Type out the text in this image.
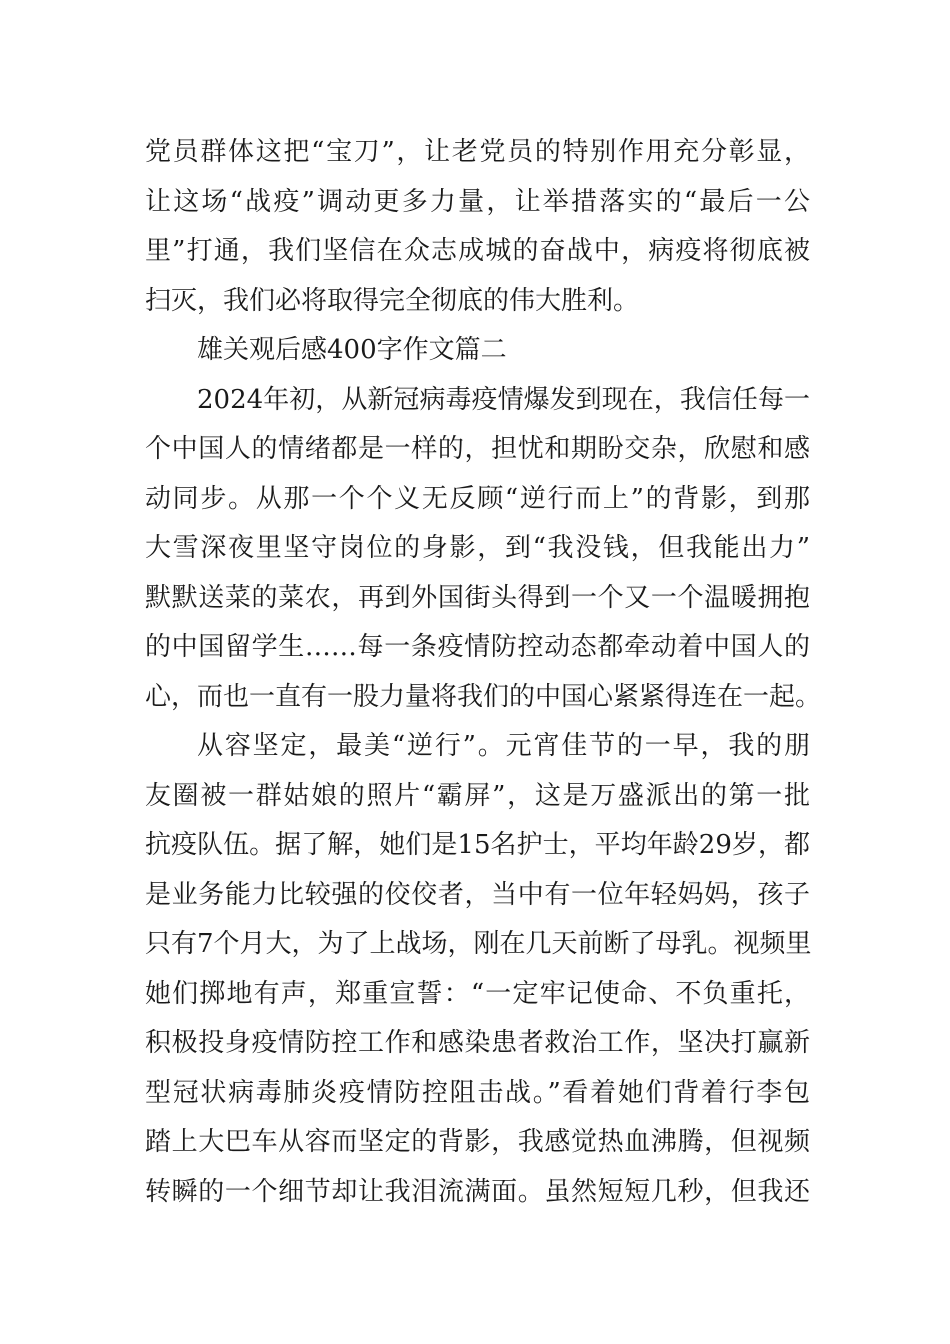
党员群体这把“宝刀”，让老党员的特别作用充分彰显，
让这场“战疫”调动更多力量，让举措落实的“最后一公
里”打通，我们坚信在众志成城的奋战中，病疫将彻底被
扫灭，我们必将取得完全彻底的伟大胜利。
雄关观后感400字作文篇二
2024年初，从新冠病毒疫情爆发到现在，我信任每一
个中国人的情绪都是一样的，担忧和期盼交杂，欣慰和感
动同步。从那一个个义无反顾“逆行而上”的背影，到那
大雪深夜里坚守岗位的身影，到“我没钱，但我能出力”
默默送菜的菜农，再到外国街头得到一个又一个温暖拥抱
的中国留学生……每一条疫情防控动态都牵动着中国人的
心，而也一直有一股力量将我们的中国心紧紧得连在一起。
从容坚定，最美“逆行”。元宵佳节的一早，我的朋
友圈被一群姑娘的照片“霸屏”，这是万盛派出的第一批
抗疫队伍。据了解，她们是15名护士，平均年龄29岁，都
是业务能力比较强的佼佼者，当中有一位年轻妈妈，孩子
只有7个月大，为了上战场，刚在几天前断了母乳。视频里
她们掷地有声，郑重宣誓：“一定牢记使命、不负重托，
积极投身疫情防控工作和感染患者救治工作，坚决打赢新
型冠状病毒肺炎疫情防控阻击战。”看着她们背着行李包
踏上大巴车从容而坚定的背影，我感觉热血沸腾，但视频
转瞬的一个细节却让我泪流满面。虽然短短几秒，但我还
